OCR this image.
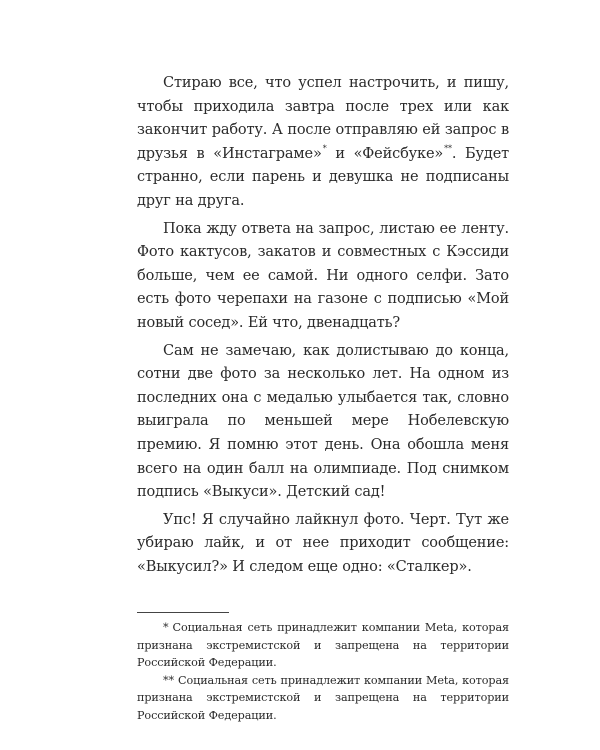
Стираю все, что успел настрочить, и пишу, чтобы приходила завтра после трех или как закончит работу. А после отправляю ей запрос в друзья в «Инстаграме»* и «Фейсбуке»**. Будет странно, если парень и девушка не подписаны друг на друга.

Пока жду ответа на запрос, листаю ее ленту. Фото кактусов, закатов и совместных с Кэссиди больше, чем ее самой. Ни одного селфи. Зато есть фото черепахи на газоне с подписью «Мой новый сосед». Ей что, двенадцать?

Сам не замечаю, как долистываю до конца, сотни две фото за несколько лет. На одном из последних она с медалью улыбается так, словно выиграла по меньшей мере Нобелевскую премию. Я помню этот день. Она обошла меня всего на один балл на олимпиаде. Под снимком подпись «Выкуси». Детский сад!

Упс! Я случайно лайкнул фото. Черт. Тут же убираю лайк, и от нее приходит сообщение: «Выкусил?» И следом еще одно: «Сталкер».

* Социальная сеть принадлежит компании Meta, которая признана экстремистской и запрещена на территории Российской Федерации.

** Социальная сеть принадлежит компании Meta, которая признана экстремистской и запрещена на территории Российской Федерации.
